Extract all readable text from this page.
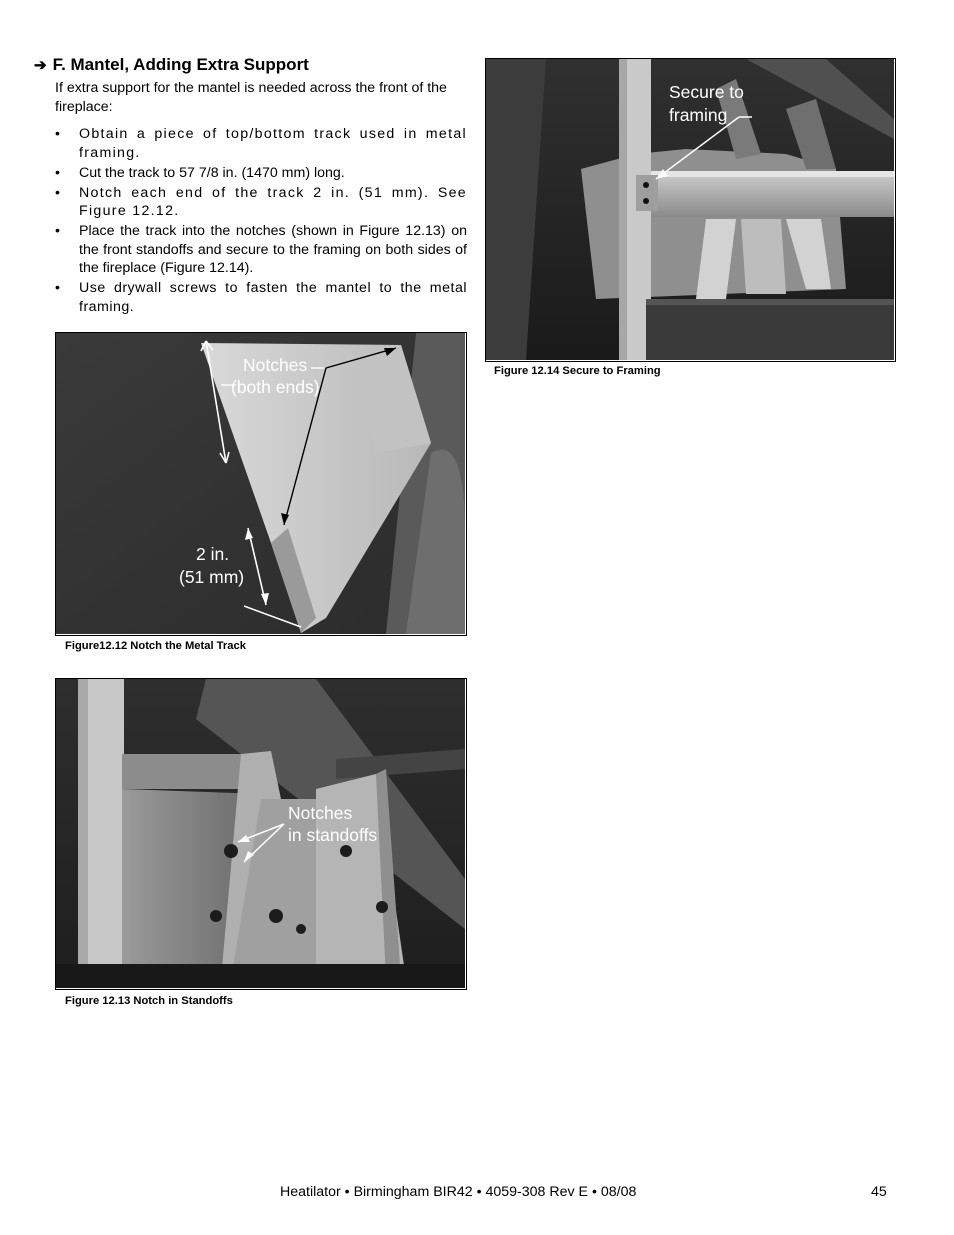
➔ F. Mantel, Adding Extra Support
If extra support for the mantel is needed across the front of the fireplace:
• Obtain a piece of top/bottom track used in metal framing.
• Cut the track to 57 7/8 in. (1470 mm) long.
• Notch each end of the track 2 in. (51 mm). See Figure 12.12.
• Place the track into the notches (shown in Figure 12.13) on the front standoffs and secure to the framing on both sides of the fireplace (Figure 12.14).
• Use drywall screws to fasten the mantel to the metal framing.
Notches
(both ends)
2 in.
(51 mm)
Figure12.12 Notch the Metal Track
Notches
in standoffs
Figure 12.13 Notch in Standoffs
Secure to
framing
Figure 12.14 Secure to Framing
Heatilator • Birmingham BIR42 • 4059-308 Rev E • 08/08	45
